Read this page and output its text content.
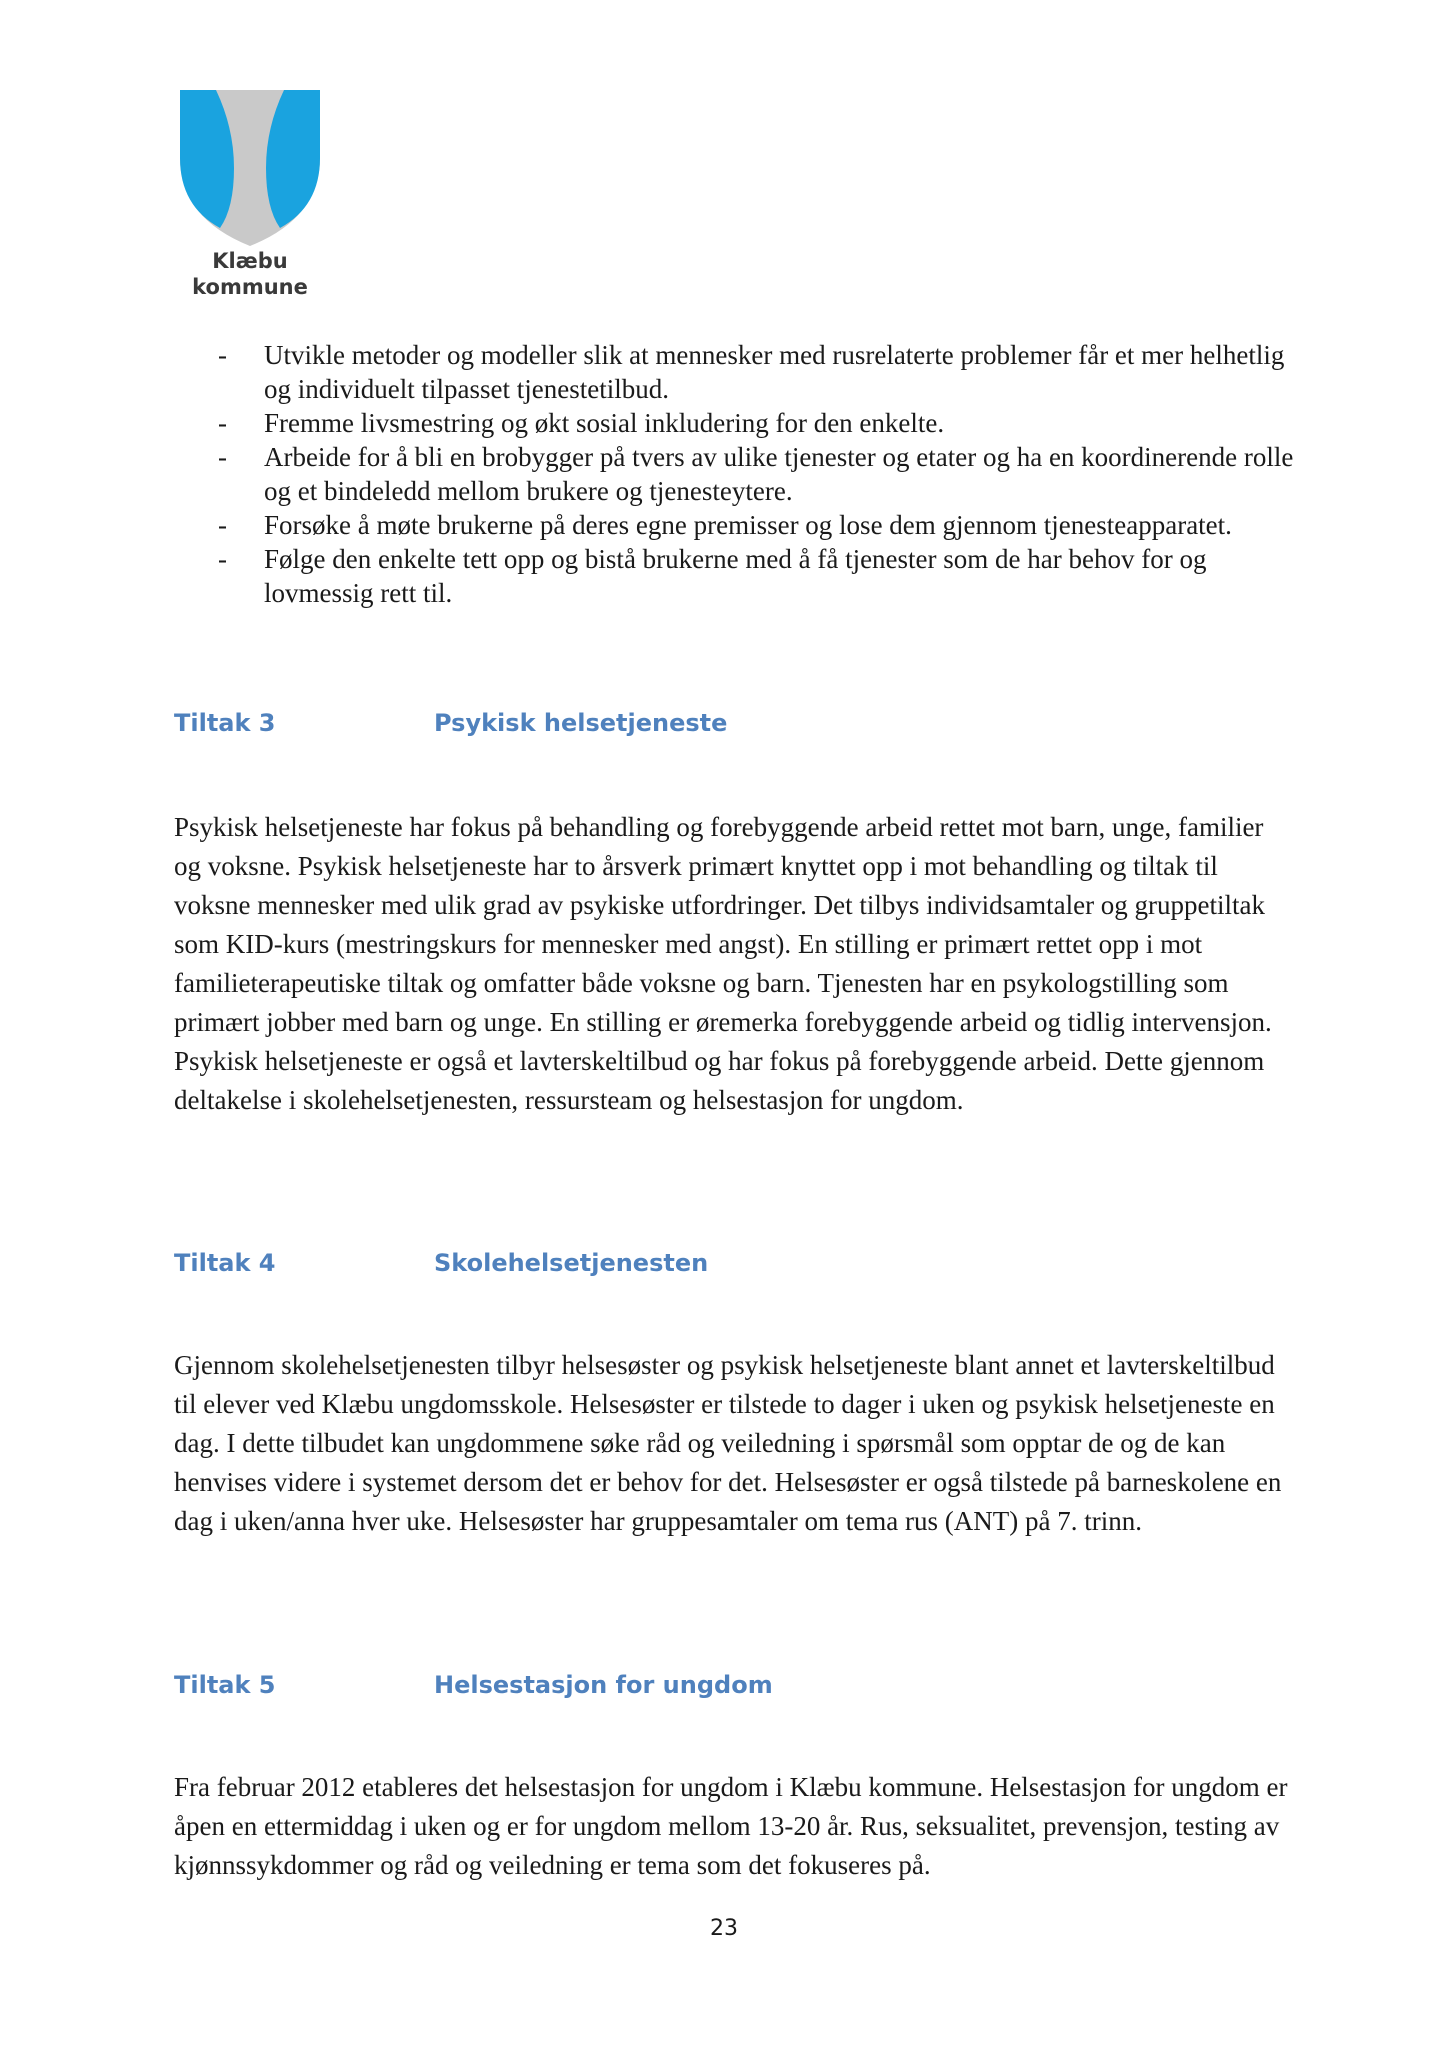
Klæbu
kommune
- Utvikle metoder og modeller slik at mennesker med rusrelaterte problemer får et mer helhetlig og individuelt tilpasset tjenestetilbud.
- Fremme livsmestring og økt sosial inkludering for den enkelte.
- Arbeide for å bli en brobygger på tvers av ulike tjenester og etater og ha en koordinerende rolle og et bindeledd mellom brukere og tjenesteytere.
- Forsøke å møte brukerne på deres egne premisser og lose dem gjennom tjenesteapparatet.
- Følge den enkelte tett opp og bistå brukerne med å få tjenester som de har behov for og lovmessig rett til.
Tiltak 3	Psykisk helsetjeneste

Psykisk helsetjeneste har fokus på behandling og forebyggende arbeid rettet mot barn, unge, familier og voksne. Psykisk helsetjeneste har to årsverk primært knyttet opp i mot behandling og tiltak til voksne mennesker med ulik grad av psykiske utfordringer. Det tilbys individsamtaler og gruppetiltak som KID-kurs (mestringskurs for mennesker med angst). En stilling er primært rettet opp i mot familieterapeutiske tiltak og omfatter både voksne og barn. Tjenesten har en psykologstilling som primært jobber med barn og unge. En stilling er øremerka forebyggende arbeid og tidlig intervensjon. Psykisk helsetjeneste er også et lavterskeltilbud og har fokus på forebyggende arbeid. Dette gjennom deltakelse i skolehelsetjenesten, ressursteam og helsestasjon for ungdom.

Tiltak 4	Skolehelsetjenesten

Gjennom skolehelsetjenesten tilbyr helsesøster og psykisk helsetjeneste blant annet et lavterskeltilbud til elever ved Klæbu ungdomsskole. Helsesøster er tilstede to dager i uken og psykisk helsetjeneste en dag. I dette tilbudet kan ungdommene søke råd og veiledning i spørsmål som opptar de og de kan henvises videre i systemet dersom det er behov for det. Helsesøster er også tilstede på barneskolene en dag i uken/anna hver uke. Helsesøster har gruppesamtaler om tema rus (ANT) på 7. trinn.

Tiltak 5	Helsestasjon for ungdom

Fra februar 2012 etableres det helsestasjon for ungdom i Klæbu kommune. Helsestasjon for ungdom er åpen en ettermiddag i uken og er for ungdom mellom 13-20 år. Rus, seksualitet, prevensjon, testing av kjønnssykdommer og råd og veiledning er tema som det fokuseres på.

23
